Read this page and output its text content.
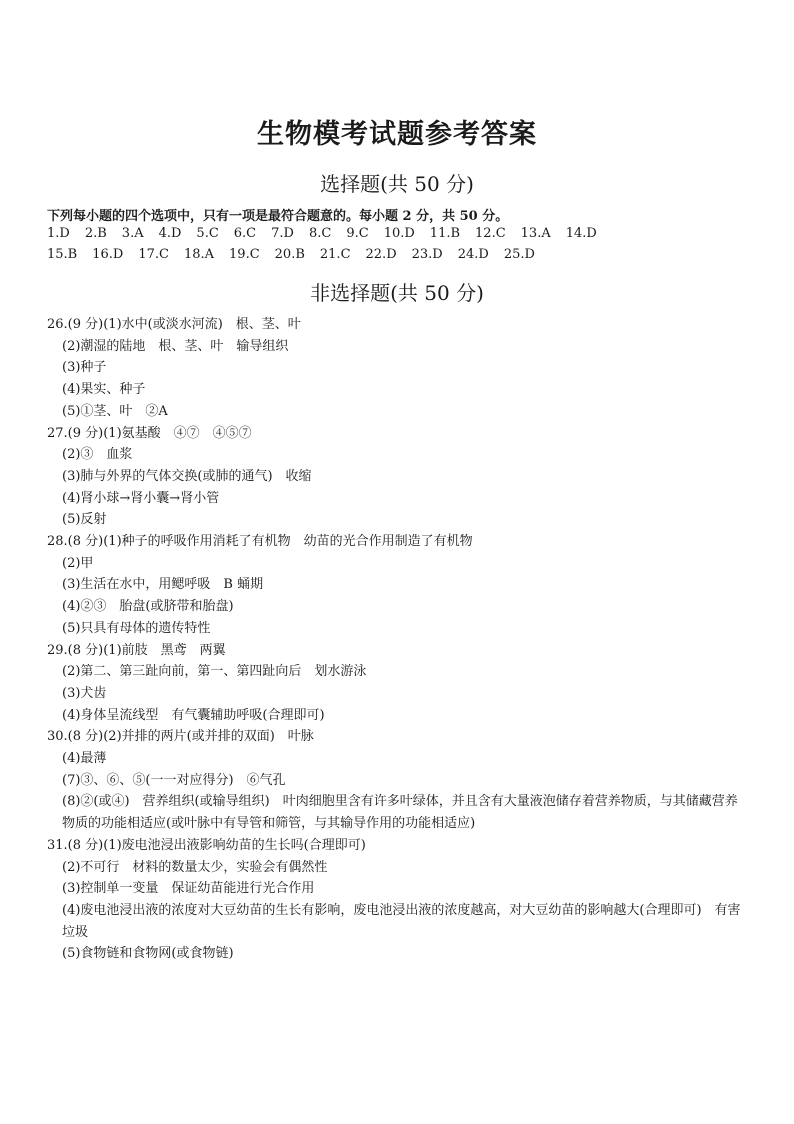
生物模考试题参考答案
选择题(共 50 分)
下列每小题的四个选项中，只有一项是最符合题意的。每小题 2 分，共 50 分。
1.D 2.B 3.A 4.D 5.C 6.C 7.D 8.C 9.C 10.D 11.B 12.C 13.A 14.D
15.B 16.D 17.C 18.A 19.C 20.B 21.C 22.D 23.D 24.D 25.D
非选择题(共 50 分)

26.(9 分)(1)水中(或淡水河流)　根、茎、叶

(2)潮湿的陆地　根、茎、叶　输导组织

(3)种子

(4)果实、种子

(5)①茎、叶　②A

27.(9 分)(1)氨基酸　④⑦　④⑤⑦

(2)③　血浆

(3)肺与外界的气体交换(或肺的通气)　收缩

(4)肾小球→肾小囊→肾小管

(5)反射

28.(8 分)(1)种子的呼吸作用消耗了有机物　幼苗的光合作用制造了有机物

(2)甲

(3)生活在水中，用鳃呼吸　B 蛹期

(4)②③　胎盘(或脐带和胎盘)

(5)只具有母体的遗传特性

29.(8 分)(1)前肢　黑鸢　两翼

(2)第二、第三趾向前，第一、第四趾向后　划水游泳

(3)犬齿

(4)身体呈流线型　有气囊辅助呼吸(合理即可)

30.(8 分)(2)并排的两片(或并排的双面)　叶脉

(4)最薄

(7)③、⑥、⑤(一一对应得分)　⑥气孔

(8)②(或④)　营养组织(或输导组织)　叶肉细胞里含有许多叶绿体，并且含有大量液泡储存着营养物质，与其储藏营养物质的功能相适应(或叶脉中有导管和筛管，与其输导作用的功能相适应)

31.(8 分)(1)废电池浸出液影响幼苗的生长吗(合理即可)

(2)不可行　材料的数量太少，实验会有偶然性

(3)控制单一变量　保证幼苗能进行光合作用

(4)废电池浸出液的浓度对大豆幼苗的生长有影响，废电池浸出液的浓度越高，对大豆幼苗的影响越大(合理即可)　有害垃圾

(5)食物链和食物网(或食物链)
